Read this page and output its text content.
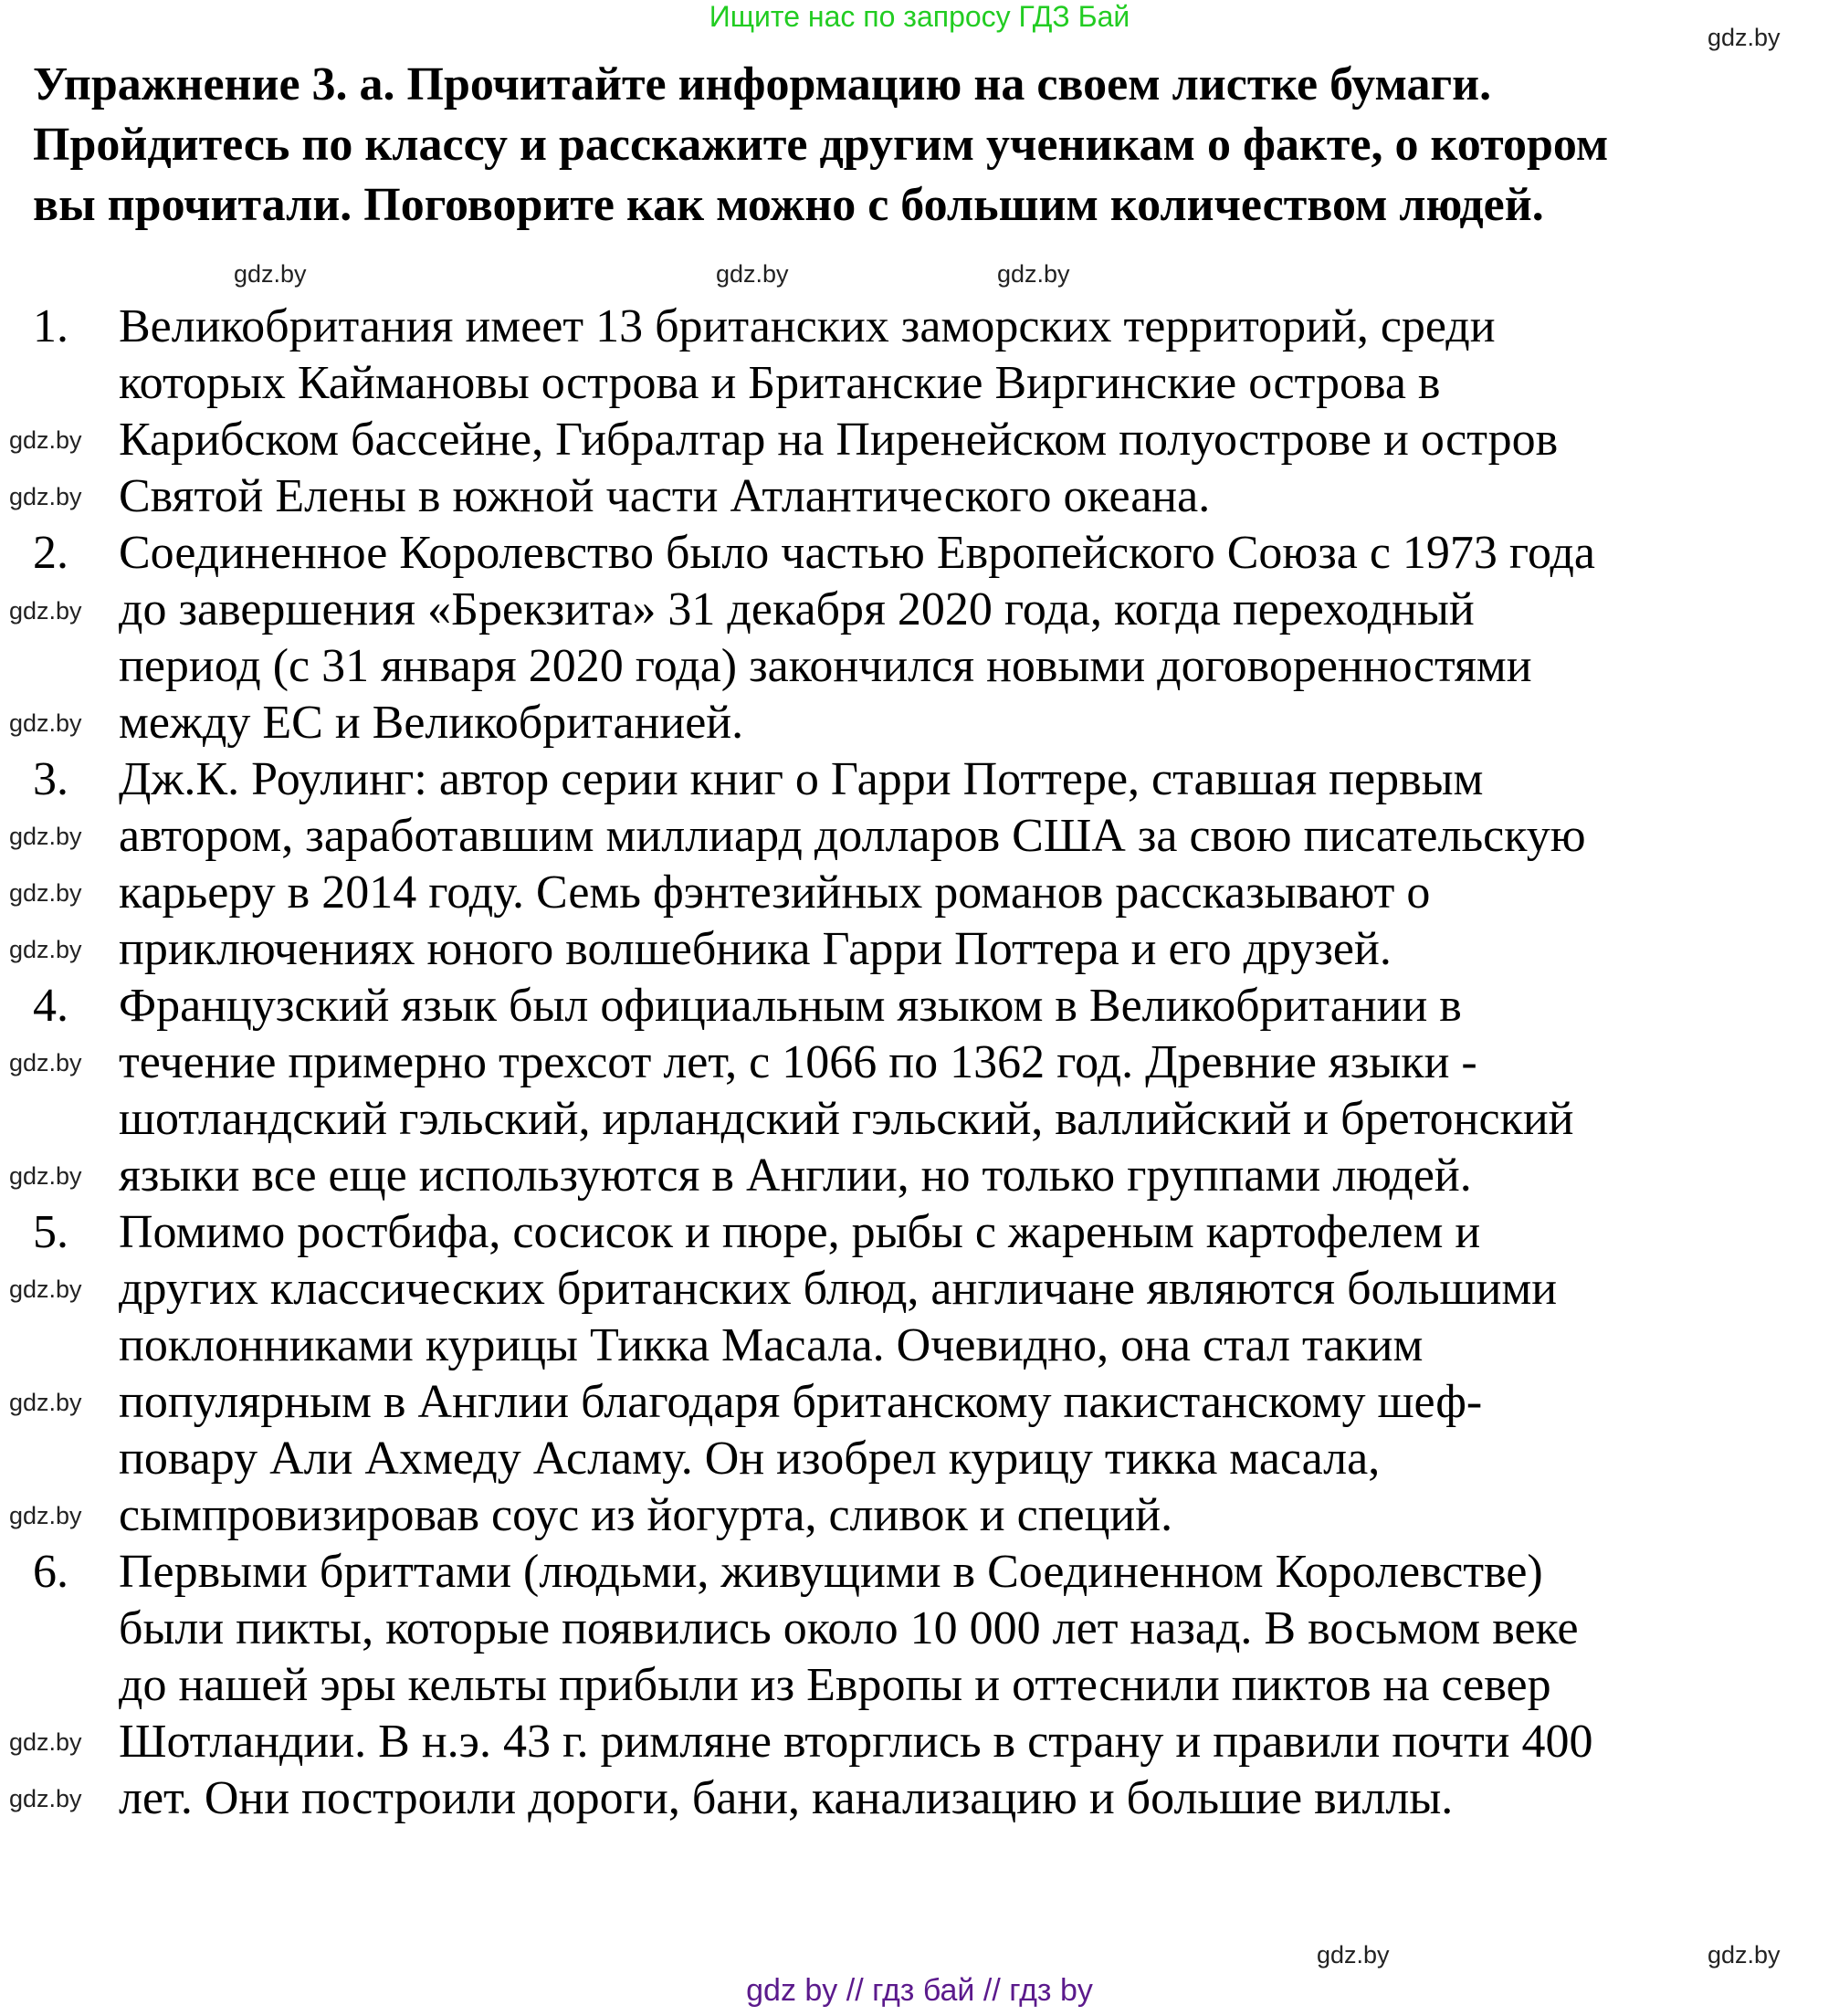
Ищите нас по запросу ГДЗ Бай
Упражнение 3. а. Прочитайте информацию на своем листке бумаги.
Пройдитесь по классу и расскажите другим ученикам о факте, о котором
вы прочитали. Поговорите как можно с большим количеством людей.
1. Великобритания имеет 13 британских заморских территорий, среди
которых Каймановы острова и Британские Виргинские острова в
Карибском бассейне, Гибралтар на Пиренейском полуострове и остров
Святой Елены в южной части Атлантического океана.
2. Соединенное Королевство было частью Европейского Союза с 1973 года
до завершения «Брекзита» 31 декабря 2020 года, когда переходный
период (с 31 января 2020 года) закончился новыми договоренностями
между ЕС и Великобританией.
3. Дж.К. Роулинг: автор серии книг о Гарри Поттере, ставшая первым
автором, заработавшим миллиард долларов США за свою писательскую
карьеру в 2014 году. Семь фэнтезийных романов рассказывают о
приключениях юного волшебника Гарри Поттера и его друзей.
4. Французский язык был официальным языком в Великобритании в
течение примерно трехсот лет, с 1066 по 1362 год. Древние языки -
шотландский гэльский, ирландский гэльский, валлийский и бретонский
языки все еще используются в Англии, но только группами людей.
5. Помимо ростбифа, сосисок и пюре, рыбы с жареным картофелем и
других классических британских блюд, англичане являются большими
поклонниками курицы Тикка Масала. Очевидно, она стал таким
популярным в Англии благодаря британскому пакистанскому шеф-
повару Али Ахмеду Асламу. Он изобрел курицу тикка масала,
сымпровизировав соус из йогурта, сливок и специй.
6. Первыми бриттами (людьми, живущими в Соединенном Королевстве)
были пикты, которые появились около 10 000 лет назад. В восьмом веке
до нашей эры кельты прибыли из Европы и оттеснили пиктов на север
Шотландии. В н.э. 43 г. римляне вторглись в страну и правили почти 400
лет. Они построили дороги, бани, канализацию и большие виллы.
gdz.by
gdz.by	gdz.by	gdz.by
gdz.by
gdz.by
gdz.by
gdz.by
gdz.by
gdz.by
gdz.by
gdz.by
gdz.by
gdz.by
gdz.by
gdz.by
gdz.by
gdz.by
gdz.by	gdz.by
gdz by // гдз бай // гдз by
